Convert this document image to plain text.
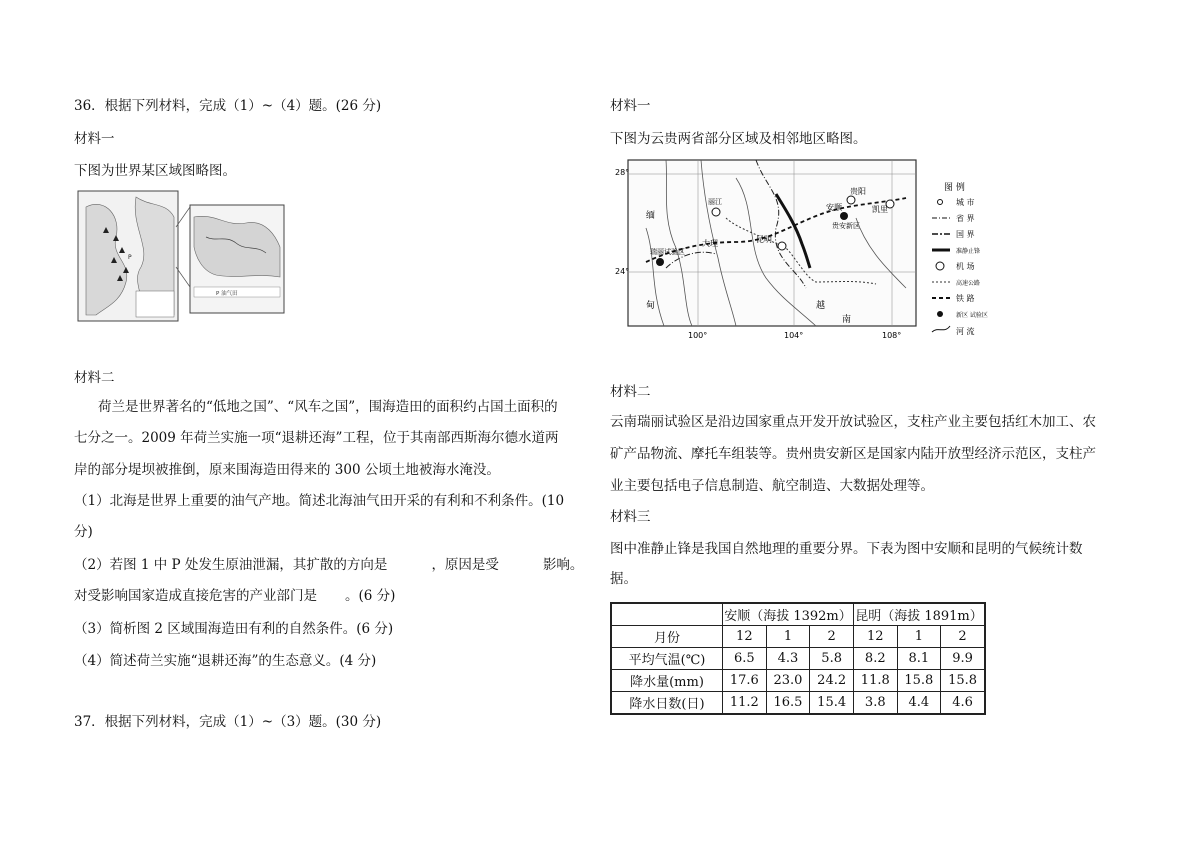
36．根据下列材料，完成（1）~（4）题。(26 分)
材料一
下图为世界某区域图略图。
P
P 油气田
材料二
荷兰是世界著名的“低地之国”、“风车之国”，围海造田的面积约占国土面积的
七分之一。2009 年荷兰实施一项“退耕还海”工程，位于其南部西斯海尔德水道两
岸的部分堤坝被推倒，原来围海造田得来的 300 公顷土地被海水淹没。
（1）北海是世界上重要的油气产地。简述北海油气田开采的有利和不利条件。(10
分)
（2）若图 1 中 P 处发生原油泄漏，其扩散的方向是	，原因是受	影响。
对受影响国家造成直接危害的产业部门是 。(6 分)
（3）简析图 2 区域围海造田有利的自然条件。(6 分)
（4）简述荷兰实施“退耕还海”的生态意义。(4 分)
37．根据下列材料，完成（1）~（3）题。(30 分)
材料一
下图为云贵两省部分区域及相邻地区略图。
28°
24°
100°	104°	108°
贵阳
安顺	凯里
贵安新区
昆明
大理
瑞丽试验区
丽江
缅
甸	越
南
图 例
城 市
省 界
国 界
准静止锋
机 场
高速公路
铁 路
新区 试验区
河 流
材料二
云南瑞丽试验区是沿边国家重点开发开放试验区，支柱产业主要包括红木加工、农
矿产品物流、摩托车组装等。贵州贵安新区是国家内陆开放型经济示范区，支柱产
业主要包括电子信息制造、航空制造、大数据处理等。
材料三
图中准静止锋是我国自然地理的重要分界。下表为图中安顺和昆明的气候统计数
据。
	安顺（海拔 1392m）			昆明（海拔 1891m）		
月份	12	1	2	12	1	2
平均气温(℃)	6.5	4.3	5.8	8.2	8.1	9.9
降水量(mm)	17.6	23.0	24.2	11.8	15.8	15.8
降水日数(日)	11.2	16.5	15.4	3.8	4.4	4.6
